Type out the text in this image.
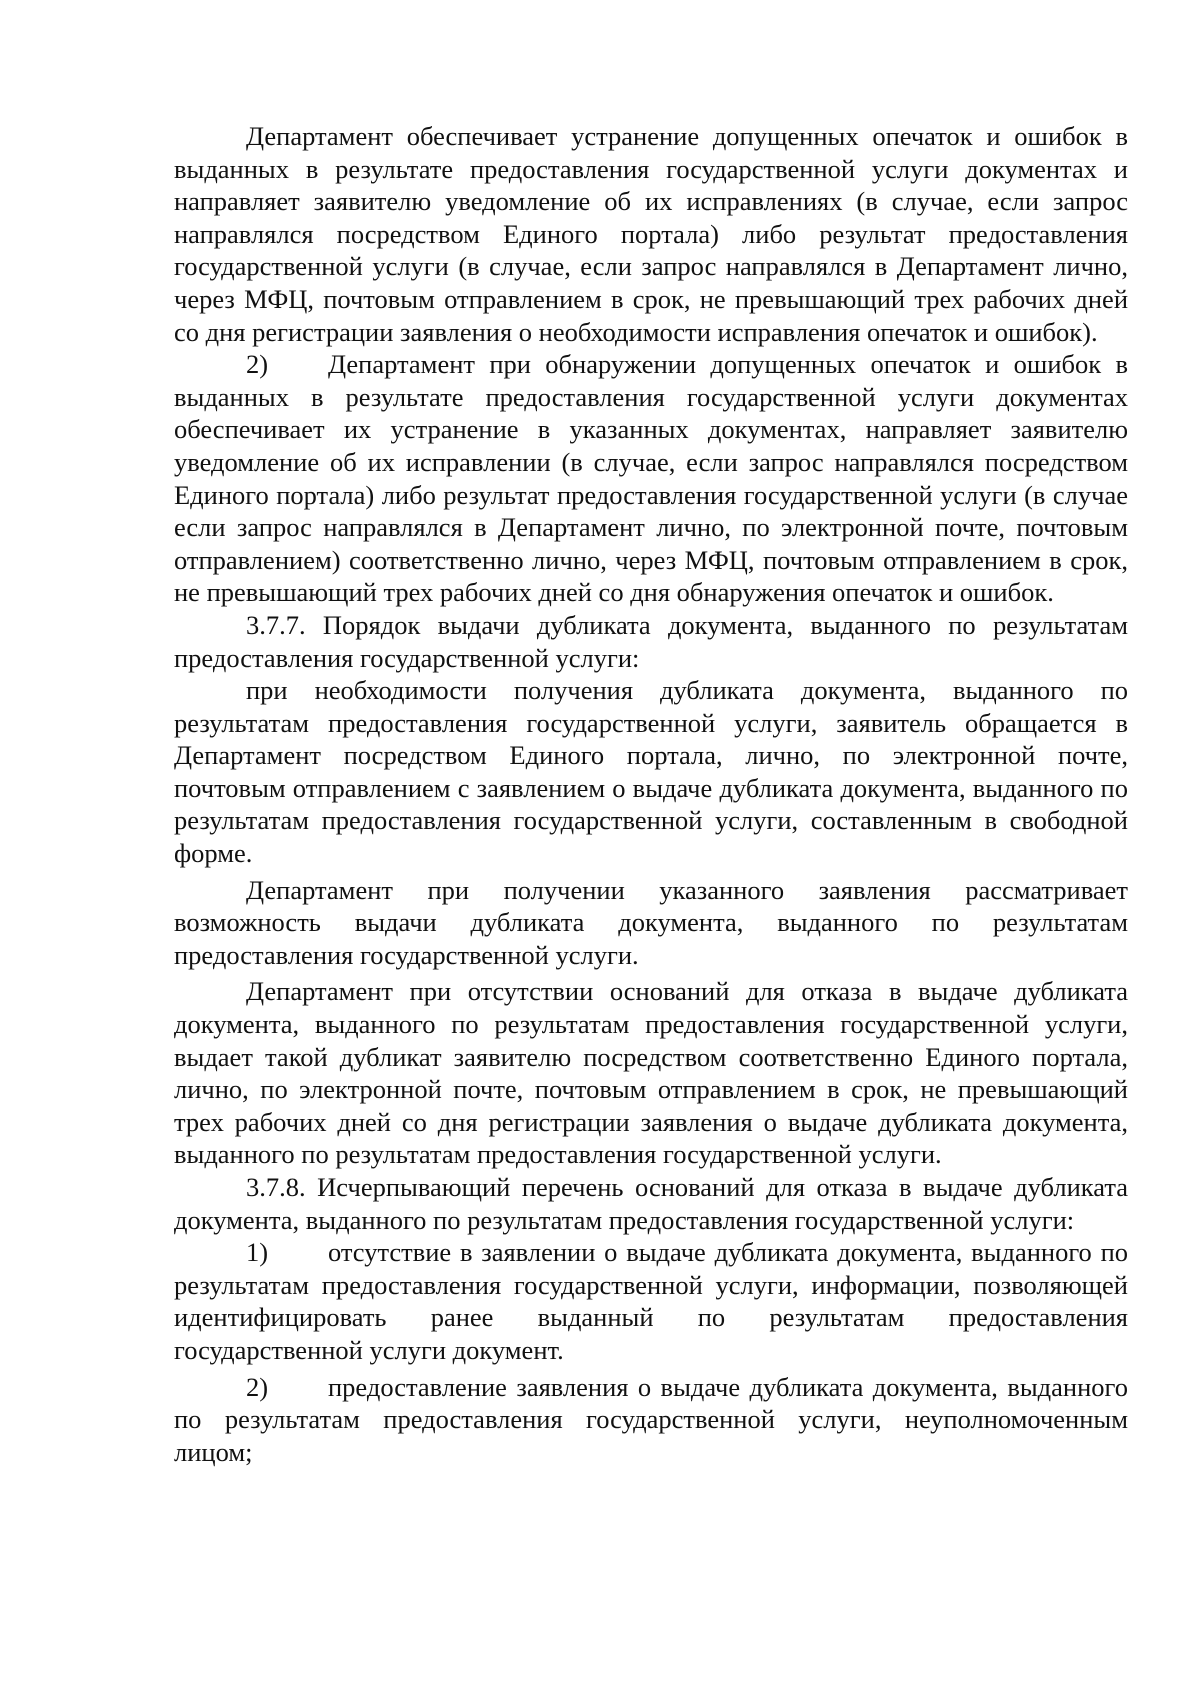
Департамент обеспечивает устранение допущенных опечаток и ошибок в выданных в результате предоставления государственной услуги документах и направляет заявителю уведомление об их исправлениях (в случае, если запрос направлялся посредством Единого портала) либо результат предоставления государственной услуги (в случае, если запрос направлялся в Департамент лично, через МФЦ, почтовым отправлением в срок, не превышающий трех рабочих дней со дня регистрации заявления о необходимости исправления опечаток и ошибок).

2) Департамент при обнаружении допущенных опечаток и ошибок в выданных в результате предоставления государственной услуги документах обеспечивает их устранение в указанных документах, направляет заявителю уведомление об их исправлении (в случае, если запрос направлялся посредством Единого портала) либо результат предоставления государственной услуги (в случае если запрос направлялся в Департамент лично, по электронной почте, почтовым отправлением) соответственно лично, через МФЦ, почтовым отправлением в срок, не превышающий трех рабочих дней со дня обнаружения опечаток и ошибок.

3.7.7. Порядок выдачи дубликата документа, выданного по результатам предоставления государственной услуги:

при необходимости получения дубликата документа, выданного по результатам предоставления государственной услуги, заявитель обращается в Департамент посредством Единого портала, лично, по электронной почте, почтовым отправлением с заявлением о выдаче дубликата документа, выданного по результатам предоставления государственной услуги, составленным в свободной форме.

Департамент при получении указанного заявления рассматривает возможность выдачи дубликата документа, выданного по результатам предоставления государственной услуги.

Департамент при отсутствии оснований для отказа в выдаче дубликата документа, выданного по результатам предоставления государственной услуги, выдает такой дубликат заявителю посредством соответственно Единого портала, лично, по электронной почте, почтовым отправлением в срок, не превышающий трех рабочих дней со дня регистрации заявления о выдаче дубликата документа, выданного по результатам предоставления государственной услуги.

3.7.8. Исчерпывающий перечень оснований для отказа в выдаче дубликата документа, выданного по результатам предоставления государственной услуги:

1) отсутствие в заявлении о выдаче дубликата документа, выданного по результатам предоставления государственной услуги, информации, позволяющей идентифицировать ранее выданный по результатам предоставления государственной услуги документ.

2) предоставление заявления о выдаче дубликата документа, выданного по результатам предоставления государственной услуги, неуполномоченным лицом;
